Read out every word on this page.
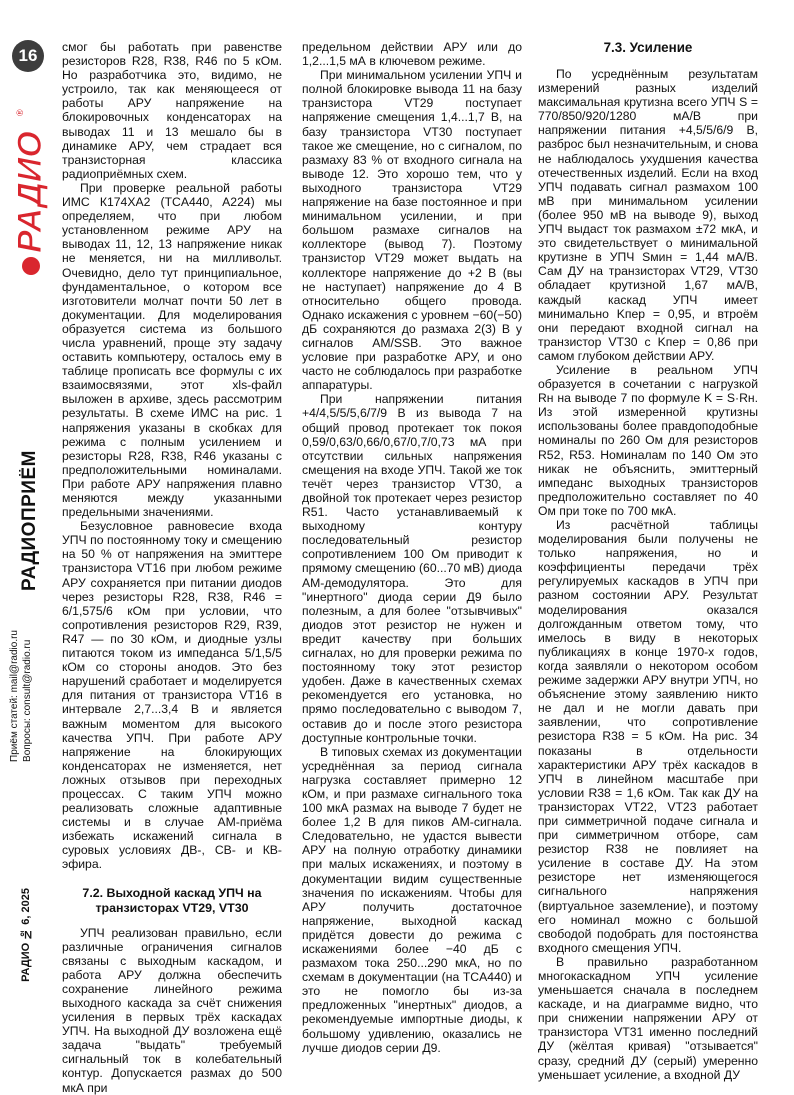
16
РАДИО
®
РАДИОПРИЁМ
Приём статей: mail@radio.ru Вопросы: consult@radio.ru
РАДИО № 6, 2025

смог бы работать при равенстве резисторов R28, R38, R46 по 5 кОм. Но разработчика это, видимо, не устроило, так как меняющееся от работы АРУ напряжение на блокировочных конденсаторах на выводах 11 и 13 мешало бы в динамике АРУ, чем страдает вся транзисторная классика радиоприёмных схем.

При проверке реальной работы ИМС К174ХА2 (TCA440, A224) мы определяем, что при любом установленном режиме АРУ на выводах 11, 12, 13 напряжение никак не меняется, ни на милливольт. Очевидно, дело тут принципиальное, фундаментальное, о котором все изготовители молчат почти 50 лет в документации. Для моделирования образуется система из большого числа уравнений, проще эту задачу оставить компьютеру, осталось ему в таблице прописать все формулы с их взаимосвязями, этот xls-файл выложен в архиве, здесь рассмотрим результаты. В схеме ИМС на рис. 1 напряжения указаны в скобках для режима с полным усилением и резисторы R28, R38, R46 указаны с предположительными номиналами. При работе АРУ напряжения плавно меняются между указанными предельными значениями.

Безусловное равновесие входа УПЧ по постоянному току и смещению на 50 % от напряжения на эмиттере транзистора VT16 при любом режиме АРУ сохраняется при питании диодов через резисторы R28, R38, R46 = 6/1,575/6 кОм при условии, что сопротивления резисторов R29, R39, R47 — по 30 кОм, и диодные узлы питаются током из импеданса 5/1,5/5 кОм со стороны анодов. Это без нарушений сработает и моделируется для питания от транзистора VT16 в интервале 2,7...3,4 В и является важным моментом для высокого качества УПЧ. При работе АРУ напряжение на блокирующих конденсаторах не изменяется, нет ложных отзывов при переходных процессах. С таким УПЧ можно реализовать сложные адаптивные системы и в случае АМ-приёма избежать искажений сигнала в суровых условиях ДВ-, СВ- и КВ-эфира.

7.2. Выходной каскад УПЧ на транзисторах VT29, VT30

УПЧ реализован правильно, если различные ограничения сигналов связаны с выходным каскадом, и работа АРУ должна обеспечить сохранение линейного режима выходного каскада за счёт снижения усиления в первых трёх каскадах УПЧ. На выходной ДУ возложена ещё задача "выдать" требуемый сигнальный ток в колебательный контур. Допускается размах до 500 мкА при

предельном действии АРУ или до 1,2...1,5 мА в ключевом режиме.

При минимальном усилении УПЧ и полной блокировке вывода 11 на базу транзистора VT29 поступает напряжение смещения 1,4...1,7 В, на базу транзистора VT30 поступает такое же смещение, но с сигналом, по размаху 83 % от входного сигнала на выводе 12. Это хорошо тем, что у выходного транзистора VT29 напряжение на базе постоянное и при минимальном усилении, и при большом размахе сигналов на коллекторе (вывод 7). Поэтому транзистор VT29 может выдать на коллекторе напряжение до +2 В (вы не наступает) напряжение до 4 В относительно общего провода. Однако искажения с уровнем −60(−50) дБ сохраняются до размаха 2(3) В у сигналов AM/SSB. Это важное условие при разработке АРУ, и оно часто не соблюдалось при разработке аппаратуры.

При напряжении питания +4/4,5/5/5,6/7/9 В из вывода 7 на общий провод протекает ток покоя 0,59/0,63/0,66/0,67/0,7/0,73 мА при отсутствии сильных напряжения смещения на входе УПЧ. Такой же ток течёт через транзистор VT30, а двойной ток протекает через резистор R51. Часто устанавливаемый к выходному контуру последовательный резистор сопротивлением 100 Ом приводит к прямому смещению (60...70 мВ) диода АМ-демодулятора. Это для "инертного" диода серии Д9 было полезным, а для более "отзывчивых" диодов этот резистор не нужен и вредит качеству при больших сигналах, но для проверки режима по постоянному току этот резистор удобен. Даже в качественных схемах рекомендуется его установка, но прямо последовательно с выводом 7, оставив до и после этого резистора доступные контрольные точки.

В типовых схемах из документации усреднённая за период сигнала нагрузка составляет примерно 12 кОм, и при размахе сигнального тока 100 мкА размах на выводе 7 будет не более 1,2 В для пиков АМ-сигнала. Следовательно, не удастся вывести АРУ на полную отработку динамики при малых искажениях, и поэтому в документации видим существенные значения по искажениям. Чтобы для АРУ получить достаточное напряжение, выходной каскад придётся довести до режима с искажениями более −40 дБ с размахом тока 250...290 мкА, но по схемам в документации (на TCA440) и это не помогло бы из-за предложенных "инертных" диодов, а рекомендуемые импортные диоды, к большому удивлению, оказались не лучше диодов серии Д9.

7.3. Усиление

По усреднённым результатам измерений разных изделий максимальная крутизна всего УПЧ S = 770/850/920/1280 мА/В при напряжении питания +4,5/5/6/9 В, разброс был незначительным, и снова не наблюдалось ухудшения качества отечественных изделий. Если на вход УПЧ подавать сигнал размахом 100 мВ при минимальном усилении (более 950 мВ на выводе 9), выход УПЧ выдаст ток размахом ±72 мкА, и это свидетельствует о минимальной крутизне в УПЧ Sмин = 1,44 мА/В. Сам ДУ на транзисторах VT29, VT30 обладает крутизной 1,67 мА/В, каждый каскад УПЧ имеет минимально Kпер = 0,95, и втроём они передают входной сигнал на транзистор VT30 с Kпер = 0,86 при самом глубоком действии АРУ.

Усиление в реальном УПЧ образуется в сочетании с нагрузкой Rн на выводе 7 по формуле K = S·Rн. Из этой измеренной крутизны использованы более правдоподобные номиналы по 260 Ом для резисторов R52, R53. Номиналам по 140 Ом это никак не объяснить, эмиттерный импеданс выходных транзисторов предположительно составляет по 40 Ом при токе по 700 мкА.

Из расчётной таблицы моделирования были получены не только напряжения, но и коэффициенты передачи трёх регулируемых каскадов в УПЧ при разном состоянии АРУ. Результат моделирования оказался долгожданным ответом тому, что имелось в виду в некоторых публикациях в конце 1970-х годов, когда заявляли о некотором особом режиме задержки АРУ внутри УПЧ, но объяснение этому заявлению никто не дал и не могли давать при заявлении, что сопротивление резистора R38 = 5 кОм. На рис. 34 показаны в отдельности характеристики АРУ трёх каскадов в УПЧ в линейном масштабе при условии R38 = 1,6 кОм. Так как ДУ на транзисторах VT22, VT23 работает при симметричной подаче сигнала и при симметричном отборе, сам резистор R38 не повлияет на усиление в составе ДУ. На этом резисторе нет изменяющегося сигнального напряжения (виртуальное заземление), и поэтому его номинал можно с большой свободой подобрать для постоянства входного смещения УПЧ.

В правильно разработанном многокаскадном УПЧ усиление уменьшается сначала в последнем каскаде, и на диаграмме видно, что при снижении напряжении АРУ от транзистора VT31 именно последний ДУ (жёлтая кривая) "отзывается" сразу, средний ДУ (серый) умеренно уменьшает усиление, а входной ДУ
